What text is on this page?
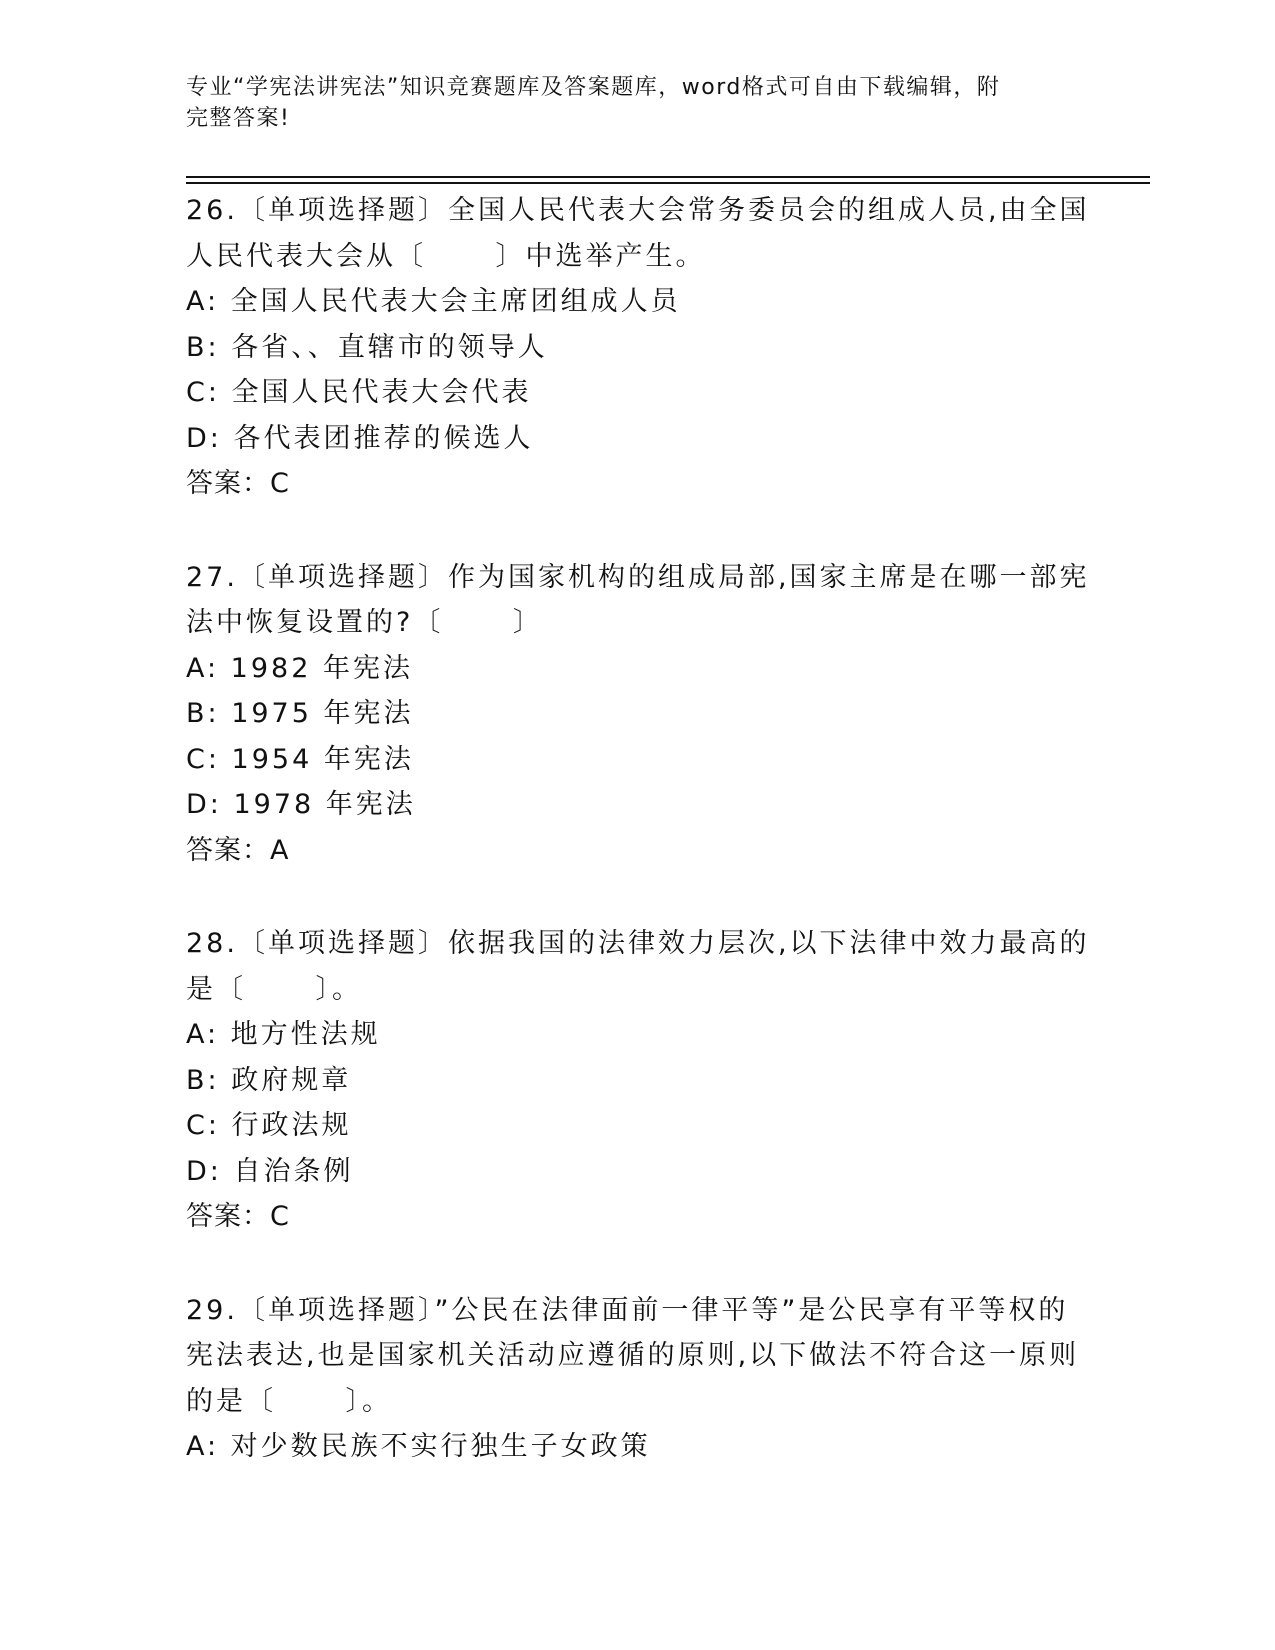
专业“学宪法讲宪法”知识竞赛题库及答案题库，word格式可自由下载编辑，附
完整答案!
26.〔单项选择题〕全国人民代表大会常务委员会的组成人员,由全国
人民代表大会从〔      〕中选举产生。
A: 全国人民代表大会主席团组成人员
B: 各省、、直辖市的领导人
C: 全国人民代表大会代表
D: 各代表团推荐的候选人
答案：C
27.〔单项选择题〕作为国家机构的组成局部,国家主席是在哪一部宪
法中恢复设置的?〔      〕
A: 1982 年宪法
B: 1975 年宪法
C: 1954 年宪法
D: 1978 年宪法
答案：A
28.〔单项选择题〕依据我国的法律效力层次,以下法律中效力最高的
是〔      〕。
A: 地方性法规
B: 政府规章
C: 行政法规
D: 自治条例
答案：C
29.〔单项选择题〕”公民在法律面前一律平等”是公民享有平等权的
宪法表达,也是国家机关活动应遵循的原则,以下做法不符合这一原则
的是〔      〕。
A: 对少数民族不实行独生子女政策
